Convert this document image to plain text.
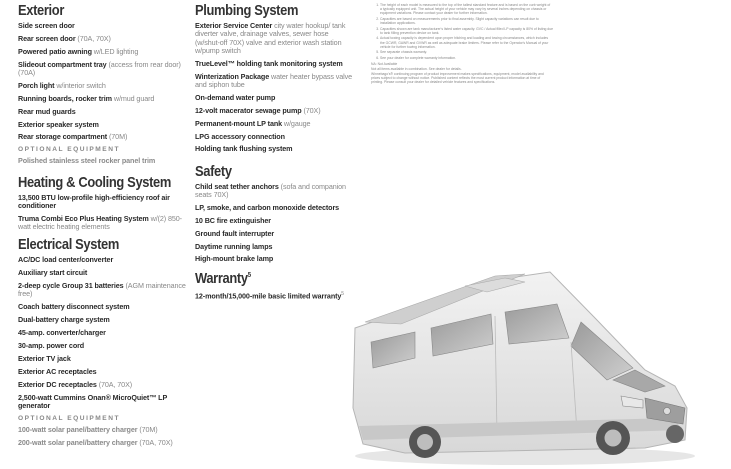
Exterior
Side screen door
Rear screen door (70A, 70X)
Powered patio awning w/LED lighting
Slideout compartment tray (access from rear door) (70A)
Porch light w/interior switch
Running boards, rocker trim w/mud guard
Rear mud guards
Exterior speaker system
Rear storage compartment (70M)
OPTIONAL EQUIPMENT
Polished stainless steel rocker panel trim
Heating & Cooling System
13,500 BTU low-profile high-efficiency roof air conditioner
Truma Combi Eco Plus Heating System w/(2) 850-watt electric heating elements
Electrical System
AC/DC load center/converter
Auxiliary start circuit
2-deep cycle Group 31 batteries (AGM maintenance free)
Coach battery disconnect system
Dual-battery charge system
45-amp. converter/charger
30-amp. power cord
Exterior TV jack
Exterior AC receptacles
Exterior DC receptacles (70A, 70X)
2,500-watt Cummins Onan® MicroQuiet™ LP generator
OPTIONAL EQUIPMENT
100-watt solar panel/battery charger (70M)
200-watt solar panel/battery charger (70A, 70X)
Plumbing System
Exterior Service Center city water hookup/ tank diverter valve, drainage valves, sewer hose (w/shut-off 70X) valve and exterior wash station w/pump switch
TrueLevel™ holding tank monitoring system
Winterization Package water heater bypass valve and siphon tube
On-demand water pump
12-volt macerator sewage pump (70X)
Permanent-mount LP tank w/gauge
LPG accessory connection
Holding tank flushing system
Safety
Child seat tether anchors (sofa and companion seats 70X)
LP, smoke, and carbon monoxide detectors
10 BC fire extinguisher
Ground fault interrupter
Daytime running lamps
High-mount brake lamp
Warranty$^5$
12-month/15,000-mile basic limited warranty$^5$
1. The height of each model is measured to the top of the tallest standard feature and is based on the curb weight of a typically equipped unit. The actual height of your vehicle may vary by several inches depending on chassis or equipment variations. Please contact your dealer for further information.
2. Capacities are based on measurements prior to final assembly. Slight capacity variations can result due to installation applications.
3. Capacities shown are tank manufacturer's listed water capacity. GVC / Actual filled LP capacity is 80% of listing due to tank filling prevention device on tank.
4. Actual towing capacity is dependent upon proper hitching and loading and towing circumstances, which includes the GCWR, GAWR and GVWR as well as adequate brake limiters. Please refer to the Operator's Manual of your vehicle for further towing information.
5. See separate chassis warranty.
6. See your dealer for complete warranty information.

NA: Not Available

Not all items available in combination. See dealer for details.

Winnebago's® continuing program of product improvement makes specifications, equipment, model availability and prices subject to change without notice. Published content reflects the most current product information at time of printing. Please consult your dealer for detailed vehicle features and specifications.
